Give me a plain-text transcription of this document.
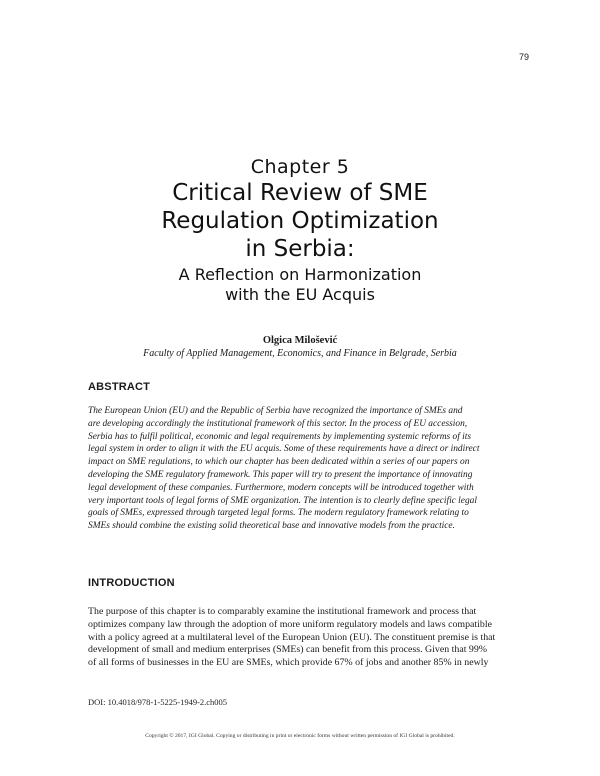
79
Chapter 5
Critical Review of SME
Regulation Optimization
in Serbia:
A Reflection on Harmonization
with the EU Acquis
Olgica Milošević
Faculty of Applied Management, Economics, and Finance in Belgrade, Serbia
ABSTRACT
The European Union (EU) and the Republic of Serbia have recognized the importance of SMEs and
are developing accordingly the institutional framework of this sector. In the process of EU accession,
Serbia has to fulfil political, economic and legal requirements by implementing systemic reforms of its
legal system in order to align it with the EU acquis. Some of these requirements have a direct or indirect
impact on SME regulations, to which our chapter has been dedicated within a series of our papers on
developing the SME regulatory framework. This paper will try to present the importance of innovating
legal development of these companies. Furthermore, modern concepts will be introduced together with
very important tools of legal forms of SME organization. The intention is to clearly define specific legal
goals of SMEs, expressed through targeted legal forms. The modern regulatory framework relating to
SMEs should combine the existing solid theoretical base and innovative models from the practice.
INTRODUCTION
The purpose of this chapter is to comparably examine the institutional framework and process that
optimizes company law through the adoption of more uniform regulatory models and laws compatible
with a policy agreed at a multilateral level of the European Union (EU). The constituent premise is that
development of small and medium enterprises (SMEs) can benefit from this process. Given that 99%
of all forms of businesses in the EU are SMEs, which provide 67% of jobs and another 85% in newly
DOI: 10.4018/978-1-5225-1949-2.ch005
Copyright © 2017, IGI Global. Copying or distributing in print or electronic forms without written permission of IGI Global is prohibited.
